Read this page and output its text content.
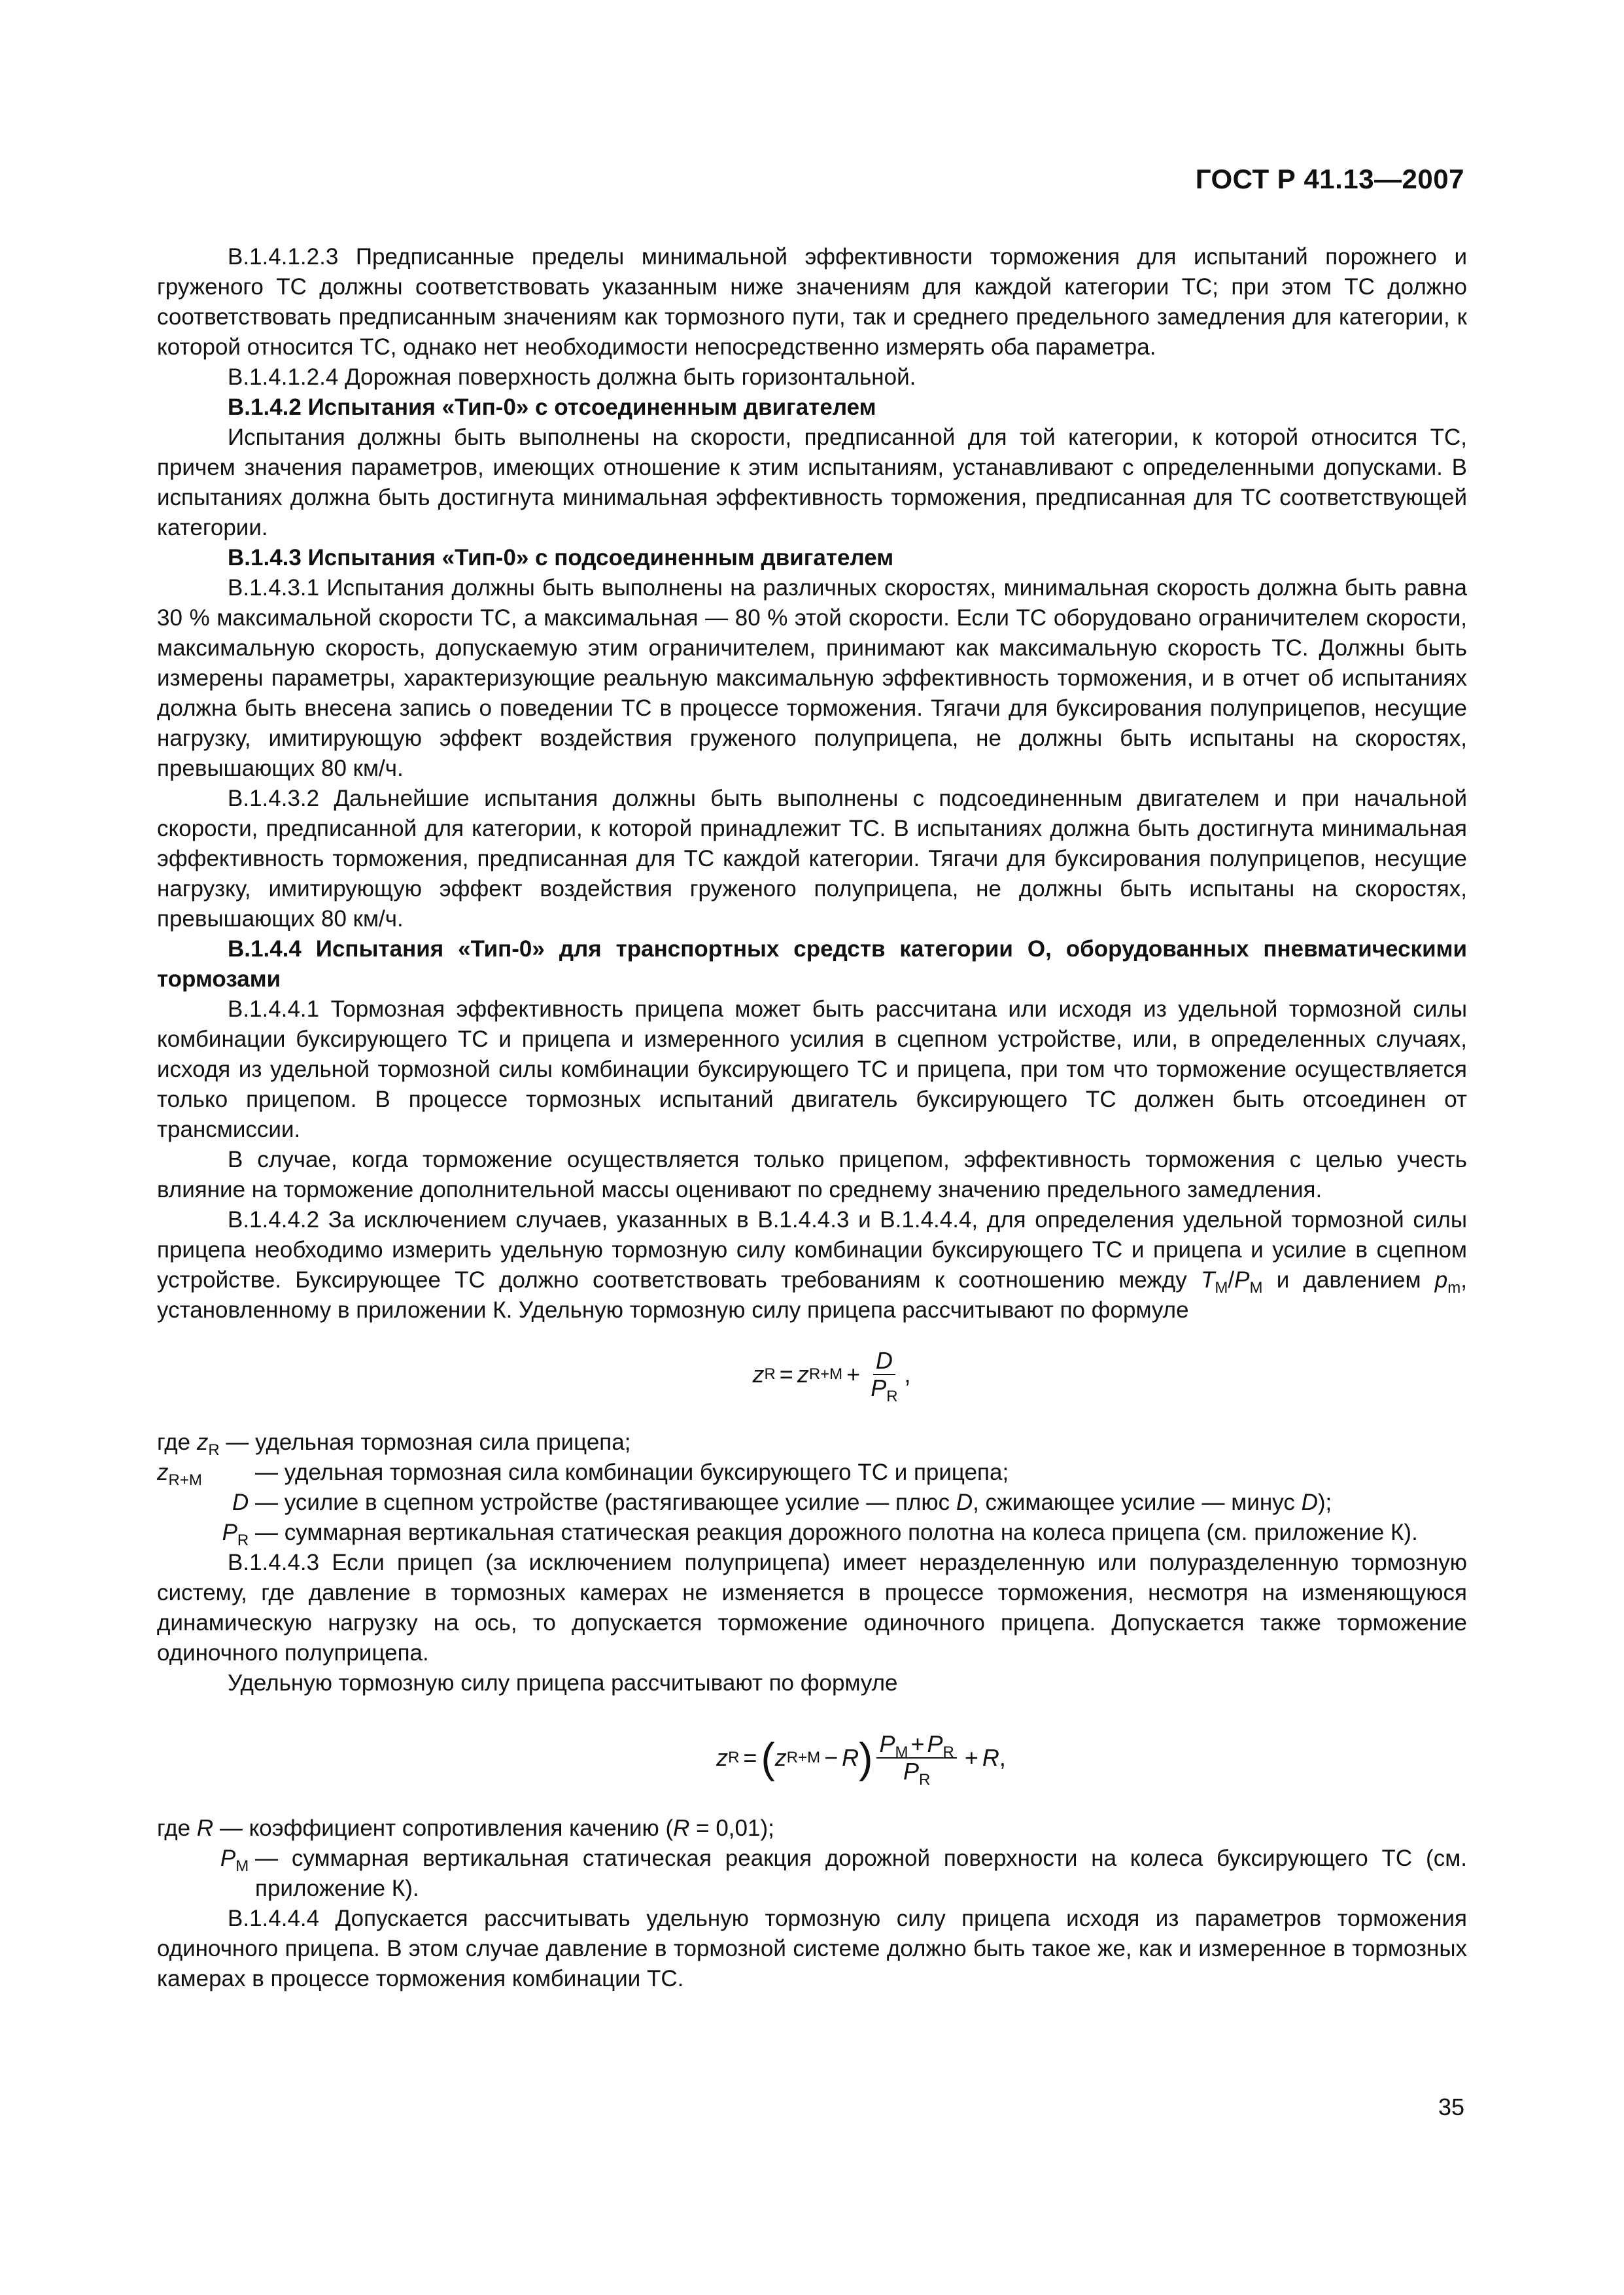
ГОСТ Р 41.13—2007

В.1.4.1.2.3 Предписанные пределы минимальной эффективности торможения для испытаний порожнего и груженого ТС должны соответствовать указанным ниже значениям для каждой категории ТС; при этом ТС должно соответствовать предписанным значениям как тормозного пути, так и среднего предельного замедления для категории, к которой относится ТС, однако нет необходимости непосредственно измерять оба параметра.

В.1.4.1.2.4 Дорожная поверхность должна быть горизонтальной.

В.1.4.2 Испытания «Тип-0» с отсоединенным двигателем

Испытания должны быть выполнены на скорости, предписанной для той категории, к которой относится ТС, причем значения параметров, имеющих отношение к этим испытаниям, устанавливают с определенными допусками. В испытаниях должна быть достигнута минимальная эффективность торможения, предписанная для ТС соответствующей категории.

В.1.4.3 Испытания «Тип-0» с подсоединенным двигателем

В.1.4.3.1 Испытания должны быть выполнены на различных скоростях, минимальная скорость должна быть равна 30 % максимальной скорости ТС, а максимальная — 80 % этой скорости. Если ТС оборудовано ограничителем скорости, максимальную скорость, допускаемую этим ограничителем, принимают как максимальную скорость ТС. Должны быть измерены параметры, характеризующие реальную максимальную эффективность торможения, и в отчет об испытаниях должна быть внесена запись о поведении ТС в процессе торможения. Тягачи для буксирования полуприцепов, несущие нагрузку, имитирующую эффект воздействия груженого полуприцепа, не должны быть испытаны на скоростях, превышающих 80 км/ч.

В.1.4.3.2 Дальнейшие испытания должны быть выполнены с подсоединенным двигателем и при начальной скорости, предписанной для категории, к которой принадлежит ТС. В испытаниях должна быть достигнута минимальная эффективность торможения, предписанная для ТС каждой категории. Тягачи для буксирования полуприцепов, несущие нагрузку, имитирующую эффект воздействия груженого полуприцепа, не должны быть испытаны на скоростях, превышающих 80 км/ч.

В.1.4.4 Испытания «Тип-0» для транспортных средств категории О, оборудованных пневматическими тормозами

В.1.4.4.1 Тормозная эффективность прицепа может быть рассчитана или исходя из удельной тормозной силы комбинации буксирующего ТС и прицепа и измеренного усилия в сцепном устройстве, или, в определенных случаях, исходя из удельной тормозной силы комбинации буксирующего ТС и прицепа, при том что торможение осуществляется только прицепом. В процессе тормозных испытаний двигатель буксирующего ТС должен быть отсоединен от трансмиссии.

В случае, когда торможение осуществляется только прицепом, эффективность торможения с целью учесть влияние на торможение дополнительной массы оценивают по среднему значению предельного замедления.

В.1.4.4.2 За исключением случаев, указанных в В.1.4.4.3 и В.1.4.4.4, для определения удельной тормозной силы прицепа необходимо измерить удельную тормозную силу комбинации буксирующего ТС и прицепа и усилие в сцепном устройстве. Буксирующее ТС должно соответствовать требованиям к соотношению между $T_М/P_М$ и давлением $p_m$, установленному в приложении К. Удельную тормозную силу прицепа рассчитывают по формуле

z R = z $R+M + \frac{D}{P_R}$ ,
где $z_R$ — удельная тормозная сила прицепа;
$z_{R+M}$	— удельная тормозная сила комбинации буксирующего ТС и прицепа;
D — усилие в сцепном устройстве (растягивающее усилие — плюс D, сжимающее усилие — минус D);
$P_R$ — суммарная вертикальная статическая реакция дорожного полотна на колеса прицепа (см. приложение К).

В.1.4.4.3 Если прицеп (за исключением полуприцепа) имеет неразделенную или полуразделенную тормозную систему, где давление в тормозных камерах не изменяется в процессе торможения, несмотря на изменяющуюся динамическую нагрузку на ось, то допускается торможение одиночного прицепа. Допускается также торможение одиночного полуприцепа.

Удельную тормозную силу прицепа рассчитывают по формуле

z R = ( z R+M − R ) $\frac{P_М + P_R}{P_R} + R$ ,
где R — коэффициент сопротивления качению (R = 0,01);
$P_М$ — суммарная вертикальная статическая реакция дорожной поверхности на колеса буксирующего ТС (см. приложение К).

В.1.4.4.4 Допускается рассчитывать удельную тормозную силу прицепа исходя из параметров торможения одиночного прицепа. В этом случае давление в тормозной системе должно быть такое же, как и измеренное в тормозных камерах в процессе торможения комбинации ТС.

35
